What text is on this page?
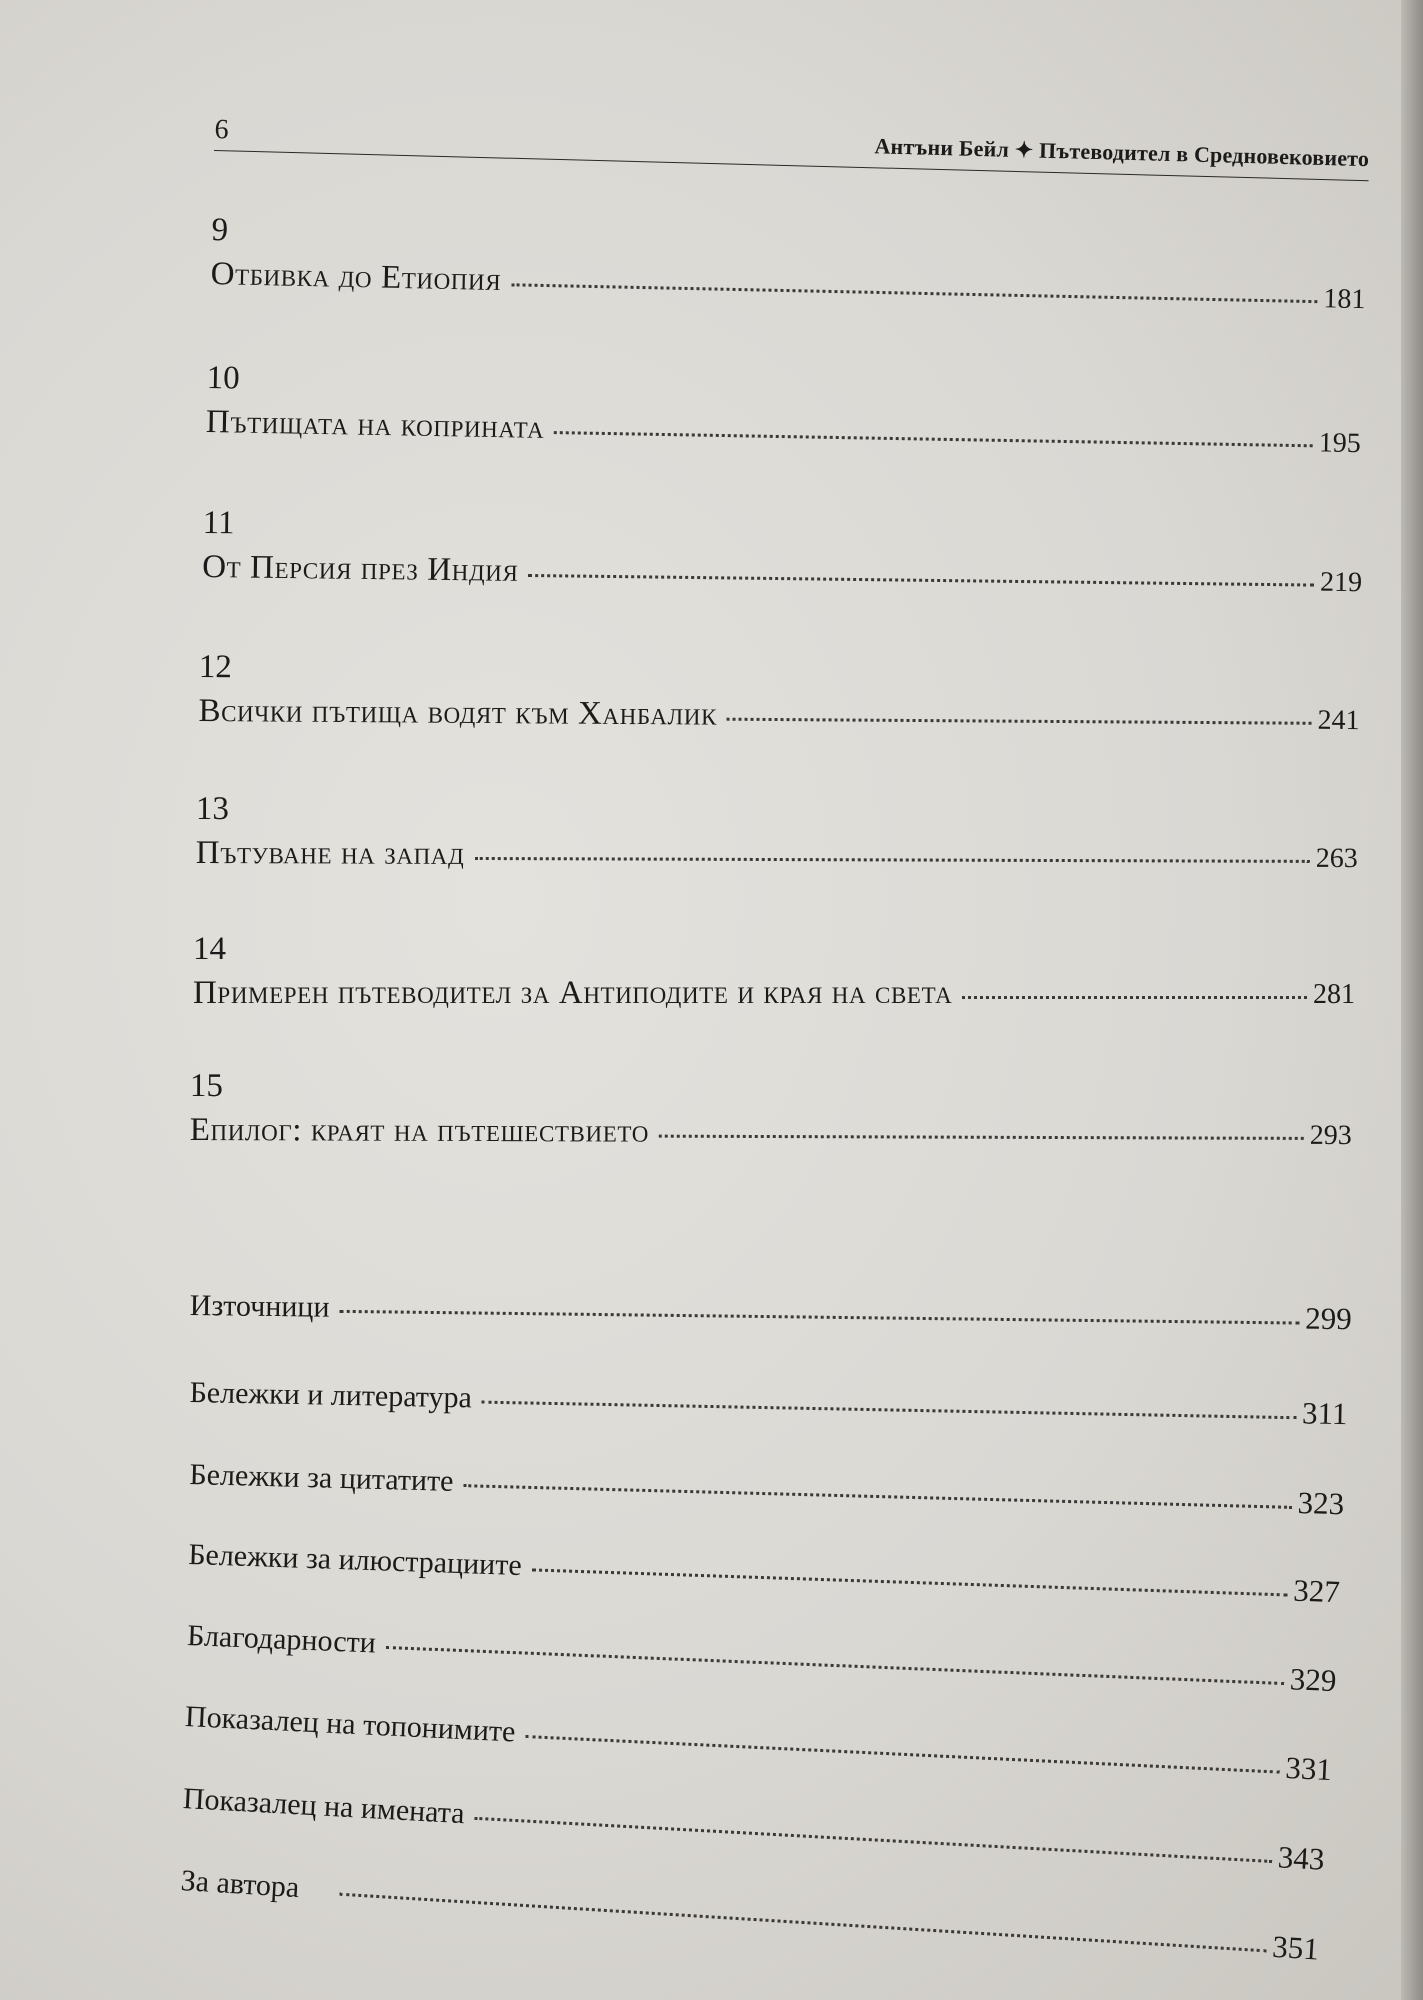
6
Антъни Бейл ✦ Пътеводител в Средновековието
9
Отбивка до Етиопия
181
10
Пътищата на коприната	195
11
От Персия през Индия	219
12
Всички пътища водят към Ханбалик	241
13
Пътуване на запад	263
14
Примерен пътеводител за Антиподите и края на света	281
15
Епилог: краят на пътешествието	293
Източници	299
Бележки и литература	311
Бележки за цитатите
323
Бележки за илюстрациите
327
Благодарности
329
Показалец на топонимите
331
Показалец на имената
343
За автора
351
